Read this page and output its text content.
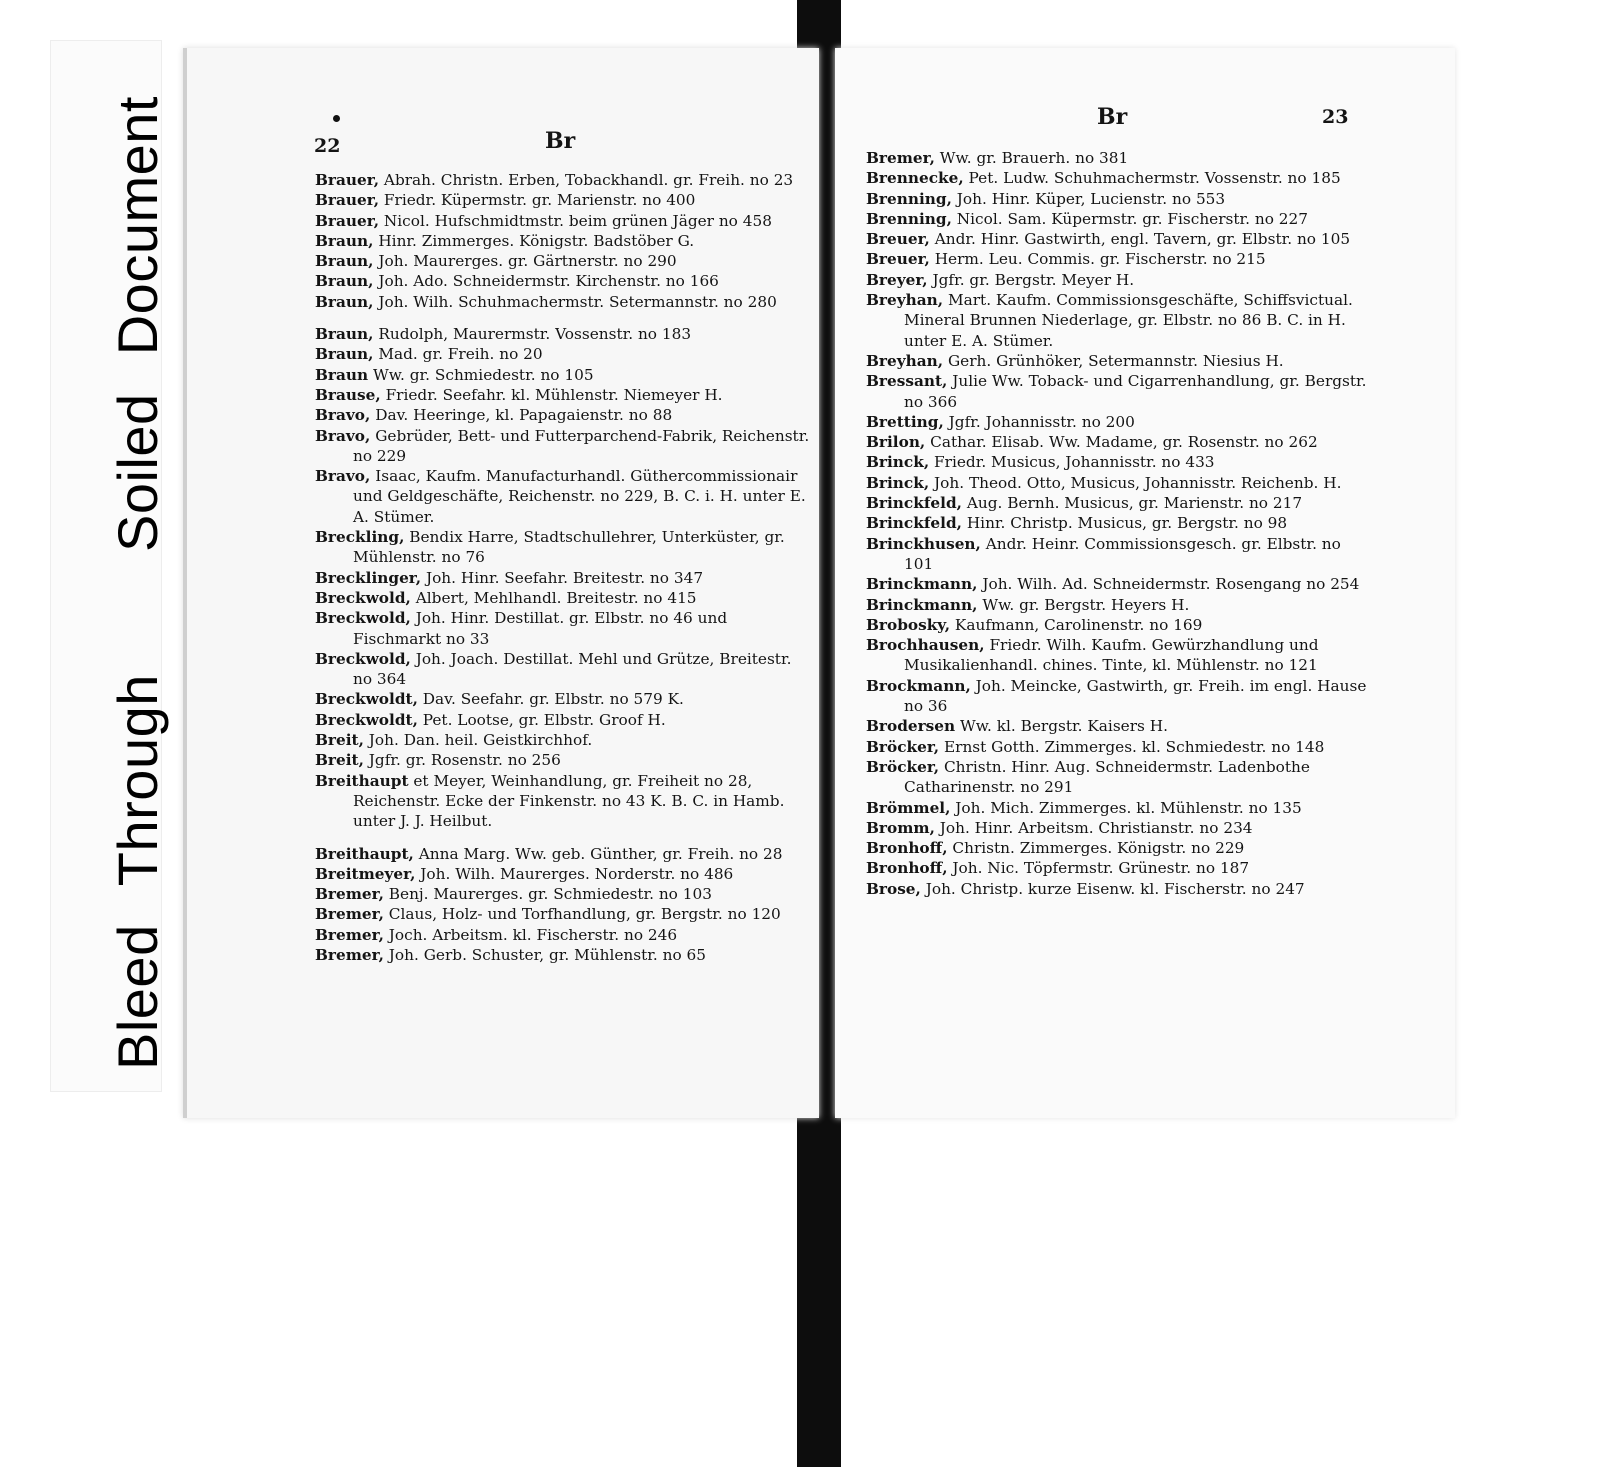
Bleed Through  Soiled Document	22	Br
Br	23
Brauer, Abrah. Christn. Erben, Tobackhandl. gr. Freih. no 23
Brauer, Friedr. Küpermstr. gr. Marienstr. no 400
Brauer, Nicol. Hufschmidtmstr. beim grünen Jäger no 458
Braun, Hinr. Zimmerges. Königstr. Badstöber G.
Braun, Joh. Maurerges. gr. Gärtnerstr. no 290
Braun, Joh. Ado. Schneidermstr. Kirchenstr. no 166
Braun, Joh. Wilh. Schuhmachermstr. Setermannstr. no 280
Braun, Rudolph, Maurermstr. Vossenstr. no 183
Braun, Mad. gr. Freih. no 20
Braun Ww. gr. Schmiedestr. no 105
Brause, Friedr. Seefahr. kl. Mühlenstr. Niemeyer H.
Bravo, Dav. Heeringe, kl. Papagaienstr. no 88
Bravo, Gebrüder, Bett- und Futterparchend-Fabrik, Reichenstr. no 229
Bravo, Isaac, Kaufm. Manufacturhandl. Güthercommissionair und Geldgeschäfte, Reichenstr. no 229, B. C. i. H. unter E. A. Stümer.
Breckling, Bendix Harre, Stadtschullehrer, Unterküster, gr. Mühlenstr. no 76
Brecklinger, Joh. Hinr. Seefahr. Breitestr. no 347
Breckwold, Albert, Mehlhandl. Breitestr. no 415
Breckwold, Joh. Hinr. Destillat. gr. Elbstr. no 46 und Fischmarkt no 33
Breckwold, Joh. Joach. Destillat. Mehl und Grütze, Breitestr. no 364
Breckwoldt, Dav. Seefahr. gr. Elbstr. no 579 K.
Breckwoldt, Pet. Lootse, gr. Elbstr. Groof H.
Breit, Joh. Dan. heil. Geistkirchhof.
Breit, Jgfr. gr. Rosenstr. no 256
Breithaupt et Meyer, Weinhandlung, gr. Freiheit no 28, Reichenstr. Ecke der Finkenstr. no 43 K. B. C. in Hamb. unter J. J. Heilbut.
Breithaupt, Anna Marg. Ww. geb. Günther, gr. Freih. no 28
Breitmeyer, Joh. Wilh. Maurerges. Norderstr. no 486
Bremer, Benj. Maurerges. gr. Schmiedestr. no 103
Bremer, Claus, Holz- und Torfhandlung, gr. Bergstr. no 120
Bremer, Joch. Arbeitsm. kl. Fischerstr. no 246
Bremer, Joh. Gerb. Schuster, gr. Mühlenstr. no 65
Bremer, Ww. gr. Brauerh. no 381
Brennecke, Pet. Ludw. Schuhmachermstr. Vossenstr. no 185
Brenning, Joh. Hinr. Küper, Lucienstr. no 553
Brenning, Nicol. Sam. Küpermstr. gr. Fischerstr. no 227
Breuer, Andr. Hinr. Gastwirth, engl. Tavern, gr. Elbstr. no 105
Breuer, Herm. Leu. Commis. gr. Fischerstr. no 215
Breyer, Jgfr. gr. Bergstr. Meyer H.
Breyhan, Mart. Kaufm. Commissionsgeschäfte, Schiffsvictual. Mineral Brunnen Niederlage, gr. Elbstr. no 86 B. C. in H. unter E. A. Stümer.
Breyhan, Gerh. Grünhöker, Setermannstr. Niesius H.
Bressant, Julie Ww. Toback- und Cigarrenhandlung, gr. Bergstr. no 366
Bretting, Jgfr. Johannisstr. no 200
Brilon, Cathar. Elisab. Ww. Madame, gr. Rosenstr. no 262
Brinck, Friedr. Musicus, Johannisstr. no 433
Brinck, Joh. Theod. Otto, Musicus, Johannisstr. Reichenb. H.
Brinckfeld, Aug. Bernh. Musicus, gr. Marienstr. no 217
Brinckfeld, Hinr. Christp. Musicus, gr. Bergstr. no 98
Brinckhusen, Andr. Heinr. Commissionsgesch. gr. Elbstr. no 101
Brinckmann, Joh. Wilh. Ad. Schneidermstr. Rosengang no 254
Brinckmann, Ww. gr. Bergstr. Heyers H.
Brobosky, Kaufmann, Carolinenstr. no 169
Brochhausen, Friedr. Wilh. Kaufm. Gewürzhandlung und Musikalienhandl. chines. Tinte, kl. Mühlenstr. no 121
Brockmann, Joh. Meincke, Gastwirth, gr. Freih. im engl. Hause no 36
Brodersen Ww. kl. Bergstr. Kaisers H.
Bröcker, Ernst Gotth. Zimmerges. kl. Schmiedestr. no 148
Bröcker, Christn. Hinr. Aug. Schneidermstr. Ladenbothe Catharinenstr. no 291
Brömmel, Joh. Mich. Zimmerges. kl. Mühlenstr. no 135
Bromm, Joh. Hinr. Arbeitsm. Christianstr. no 234
Bronhoff, Christn. Zimmerges. Königstr. no 229
Bronhoff, Joh. Nic. Töpfermstr. Grünestr. no 187
Brose, Joh. Christp. kurze Eisenw. kl. Fischerstr. no 247
